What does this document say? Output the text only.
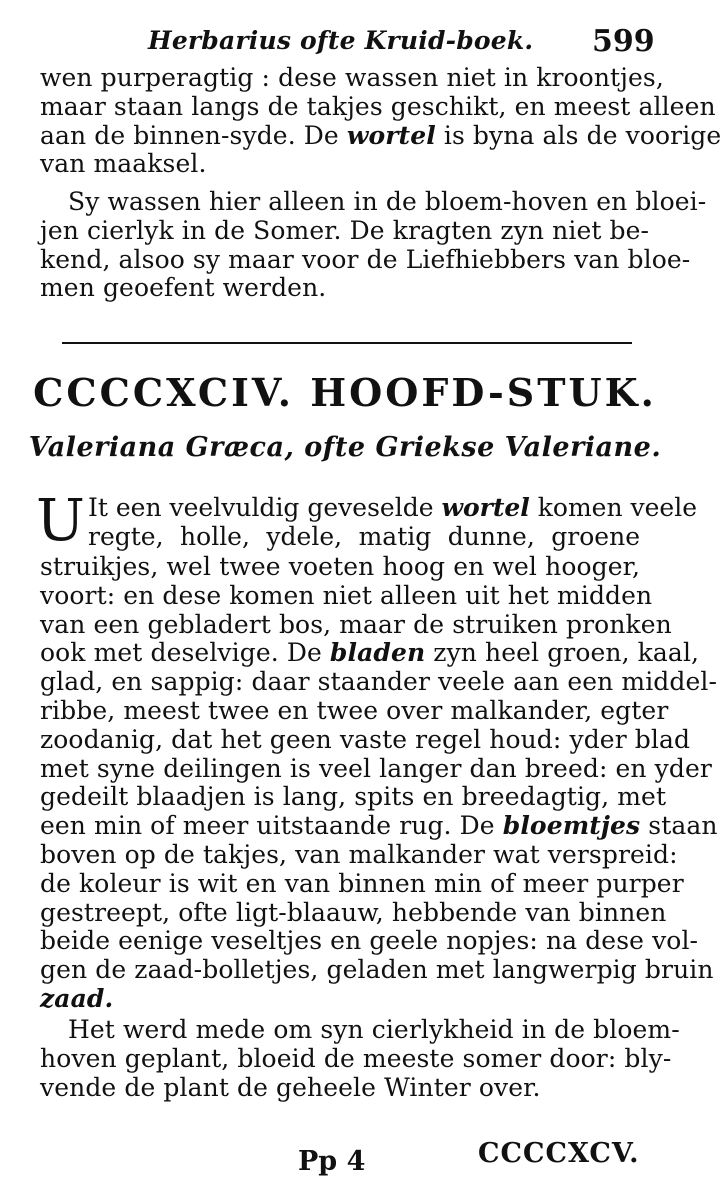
Herbarius ofte Kruid-boek. 599
wen purperagtig : dese wassen niet in kroontjes,
maar staan langs de takjes geschikt, en meest alleen
aan de binnen-syde. De wortel is byna als de voorige
van maaksel.
Sy wassen hier alleen in de bloem-hoven en bloei-
jen cierlyk in de Somer. De kragten zyn niet be-
kend, alsoo sy maar voor de Liefhiebbers van bloe-
men geoefent werden.
CCCCXCIV. HOOFD-STUK.
Valeriana Græca, ofte Griekse Valeriane.
U It een veelvuldig geveselde wortel komen veele
regte, holle, ydele, matig dunne, groene
struikjes, wel twee voeten hoog en wel hooger,
voort: en dese komen niet alleen uit het midden
van een gebladert bos, maar de struiken pronken
ook met deselvige. De bladen zyn heel groen, kaal,
glad, en sappig: daar staander veele aan een middel-
ribbe, meest twee en twee over malkander, egter
zoodanig, dat het geen vaste regel houd: yder blad
met syne deilingen is veel langer dan breed: en yder
gedeilt blaadjen is lang, spits en breedagtig, met
een min of meer uitstaande rug. De bloemtjes staan
boven op de takjes, van malkander wat verspreid:
de koleur is wit en van binnen min of meer purper
gestreept, ofte ligt-blaauw, hebbende van binnen
beide eenige veseltjes en geele nopjes: na dese vol-
gen de zaad-bolletjes, geladen met langwerpig bruin
zaad.
Het werd mede om syn cierlykheid in de bloem-
hoven geplant, bloeid de meeste somer door: bly-
vende de plant de geheele Winter over.
Pp 4	CCCCXCV.
